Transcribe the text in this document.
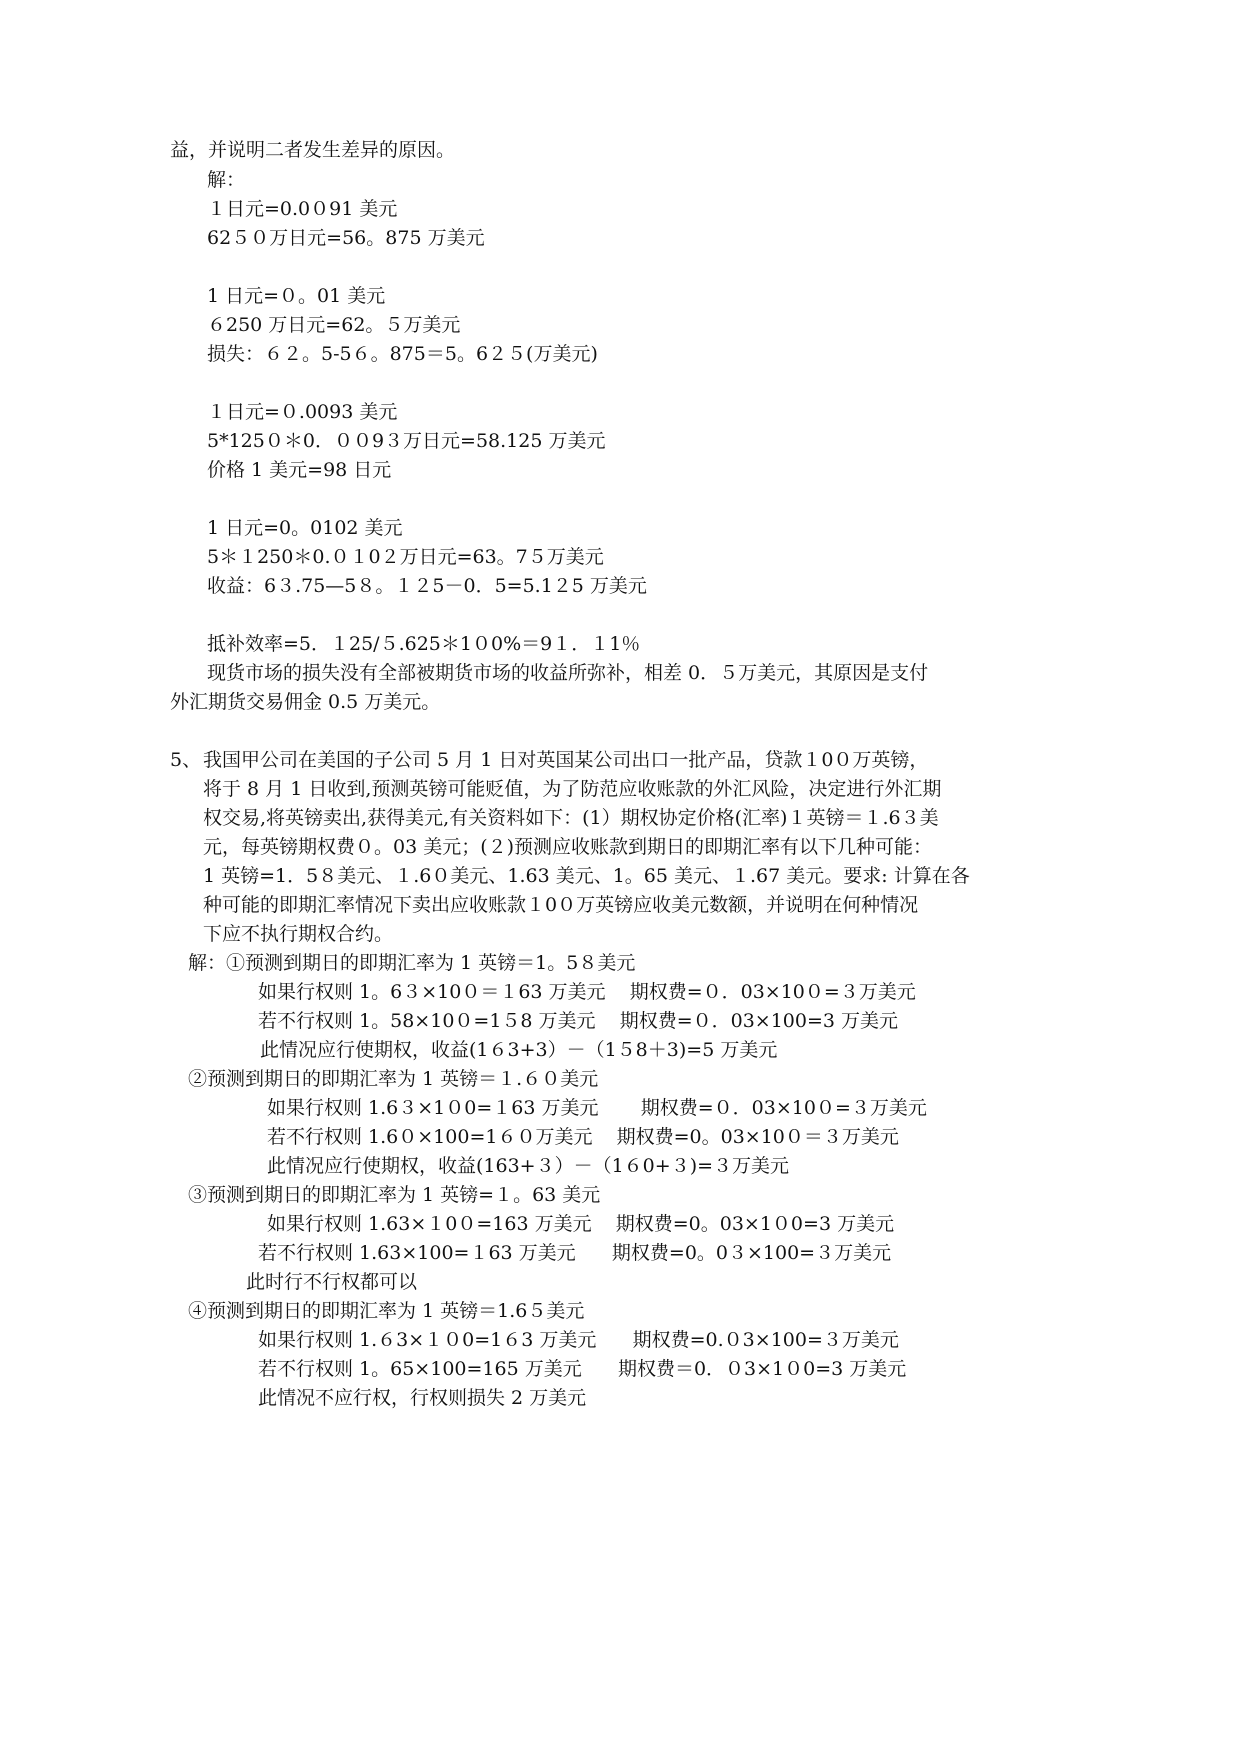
益，并说明二者发生差异的原因。

解：

１日元=0.0０91 美元

62５０万日元=56。875 万美元

1 日元=０。01 美元

６250 万日元=62。５万美元

损失：６２。5-5６。875＝5。6２５(万美元)

１日元=０.0093 美元

5*125０＊0．００9３万日元=58.125 万美元

价格 1 美元=98 日元

1 日元=0。0102 美元

5＊１250＊0.０１0２万日元=63。7５万美元

收益：6３.75—5８。１２5－0．5=5.1２5 万美元

抵补效率=5．１25/５.625＊1０0%＝9１．１1％

现货市场的损失没有全部被期货市场的收益所弥补，相差 0．５万美元，其原因是支付

外汇期货交易佣金 0.5 万美元。

5、 我国甲公司在美国的子公司 5 月 1 日对英国某公司出口一批产品，贷款１0０万英镑，

将于 8 月 1 日收到,预测英镑可能贬值，为了防范应收账款的外汇风险，决定进行外汇期

权交易,将英镑卖出,获得美元,有关资料如下：(1）期权协定价格(汇率)１英镑＝１.6３美

元，每英镑期权费０。03 美元；(２)预测应收账款到期日的即期汇率有以下几种可能：

1 英镑=1．5８美元、１.6０美元、1.63 美元、1。65 美元、１.67 美元。要求: 计算在各

种可能的即期汇率情况下卖出应收账款１0０万英镑应收美元数额，并说明在何种情况

下应不执行期权合约。

解：①预测到期日的即期汇率为 1 英镑＝1。5８美元

如果行权则 1。6３×10０＝１63 万美元    期权费=０．03×10０=３万美元

若不行权则 1。58×10０=1５8 万美元    期权费=０．03×100=3 万美元

此情况应行使期权，收益(1６3+3）－（1５8＋3)=5 万美元

②预测到期日的即期汇率为 1 英镑＝１.６０美元

如果行权则 1.6３×1０0=１63 万美元       期权费=０．03×10０=３万美元

若不行权则 1.6０×100=1６０万美元    期权费=0。03×10０＝３万美元

此情况应行使期权，收益(163+３）－（1６0+３)=３万美元

③预测到期日的即期汇率为 1 英镑=１。63 美元

如果行权则 1.63×１0０=163 万美元    期权费=0。03×1０0=3 万美元

若不行权则 1.63×100=１63 万美元      期权费=0。0３×100=３万美元

此时行不行权都可以

④预测到期日的即期汇率为 1 英镑＝1.6５美元

如果行权则 1.６3×１０0=1６3 万美元      期权费=0.０3×100=３万美元

若不行权则 1。65×100=165 万美元      期权费＝0．０3×1０0=3 万美元

此情况不应行权，行权则损失 2 万美元
